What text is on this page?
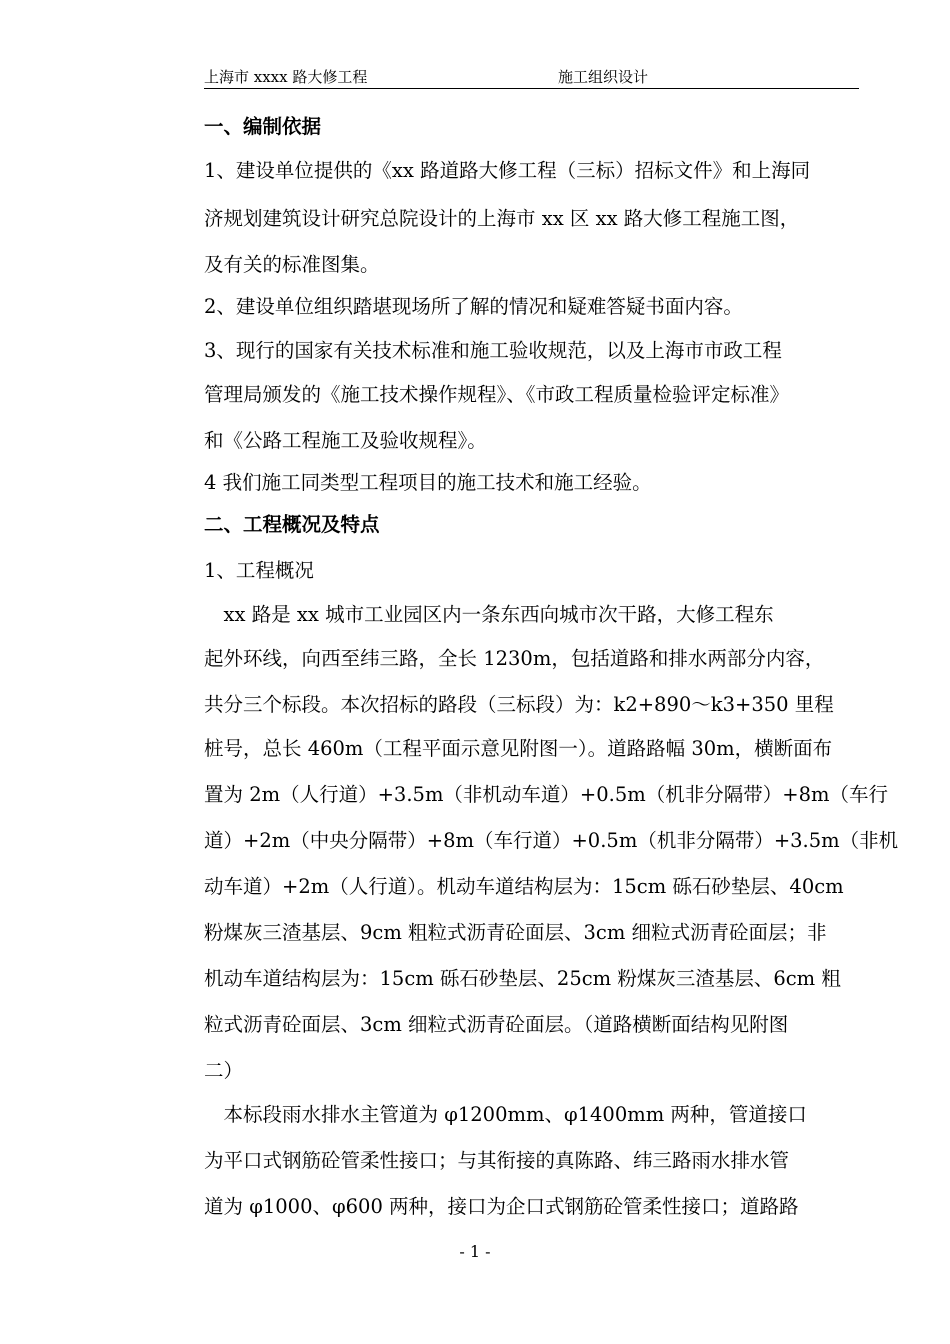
上海市 xxxx 路大修工程	施工组织设计
一、编制依据
1、建设单位提供的《xx 路道路大修工程（三标）招标文件》和上海同
济规划建筑设计研究总院设计的上海市 xx 区 xx 路大修工程施工图，
及有关的标准图集。
2、建设单位组织踏堪现场所了解的情况和疑难答疑书面内容。
3、现行的国家有关技术标准和施工验收规范，以及上海市市政工程
管理局颁发的《施工技术操作规程》、《市政工程质量检验评定标准》
和《公路工程施工及验收规程》。
4 我们施工同类型工程项目的施工技术和施工经验。
二、工程概况及特点
1、工程概况
　xx 路是 xx 城市工业园区内一条东西向城市次干路，大修工程东
起外环线，向西至纬三路，全长 1230m，包括道路和排水两部分内容，
共分三个标段。本次招标的路段（三标段）为：k2+890～k3+350 里程
桩号，总长 460m（工程平面示意见附图一）。道路路幅 30m，横断面布
置为 2m（人行道）+3.5m（非机动车道）+0.5m（机非分隔带）+8m（车行
道）+2m（中央分隔带）+8m（车行道）+0.5m（机非分隔带）+3.5m（非机
动车道）+2m（人行道）。机动车道结构层为：15cm 砾石砂垫层、40cm
粉煤灰三渣基层、9cm 粗粒式沥青砼面层、3cm 细粒式沥青砼面层；非
机动车道结构层为：15cm 砾石砂垫层、25cm 粉煤灰三渣基层、6cm 粗
粒式沥青砼面层、3cm 细粒式沥青砼面层。（道路横断面结构见附图
二）
　本标段雨水排水主管道为 φ1200mm、φ1400mm 两种，管道接口
为平口式钢筋砼管柔性接口；与其衔接的真陈路、纬三路雨水排水管
道为 φ1000、φ600 两种，接口为企口式钢筋砼管柔性接口；道路路
- 1 -
